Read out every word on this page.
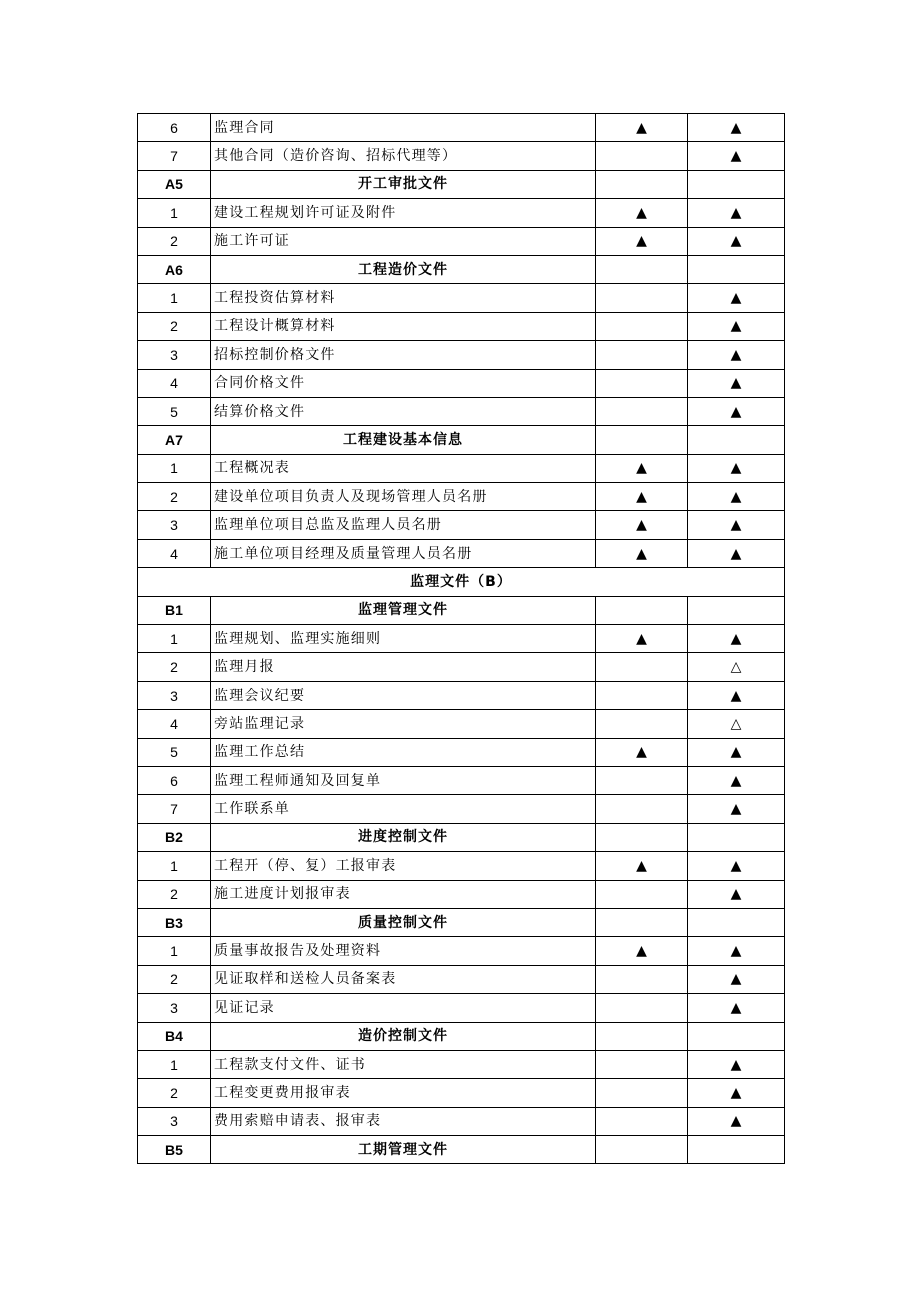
6	监理合同	▲	▲
7	其他合同（造价咨询、招标代理等）		▲
A5	开工审批文件		
1	建设工程规划许可证及附件	▲	▲
2	施工许可证	▲	▲
A6	工程造价文件		
1	工程投资估算材料		▲
2	工程设计概算材料		▲
3	招标控制价格文件		▲
4	合同价格文件		▲
5	结算价格文件		▲
A7	工程建设基本信息		
1	工程概况表	▲	▲
2	建设单位项目负责人及现场管理人员名册	▲	▲
3	监理单位项目总监及监理人员名册	▲	▲
4	施工单位项目经理及质量管理人员名册	▲	▲
监理文件（B）			
B1	监理管理文件		
1	监理规划、监理实施细则	▲	▲
2	监理月报		△
3	监理会议纪要		▲
4	旁站监理记录		△
5	监理工作总结	▲	▲
6	监理工程师通知及回复单		▲
7	工作联系单		▲
B2	进度控制文件		
1	工程开（停、复）工报审表	▲	▲
2	施工进度计划报审表		▲
B3	质量控制文件		
1	质量事故报告及处理资料	▲	▲
2	见证取样和送检人员备案表		▲
3	见证记录		▲
B4	造价控制文件		
1	工程款支付文件、证书		▲
2	工程变更费用报审表		▲
3	费用索赔申请表、报审表		▲
B5	工期管理文件		
